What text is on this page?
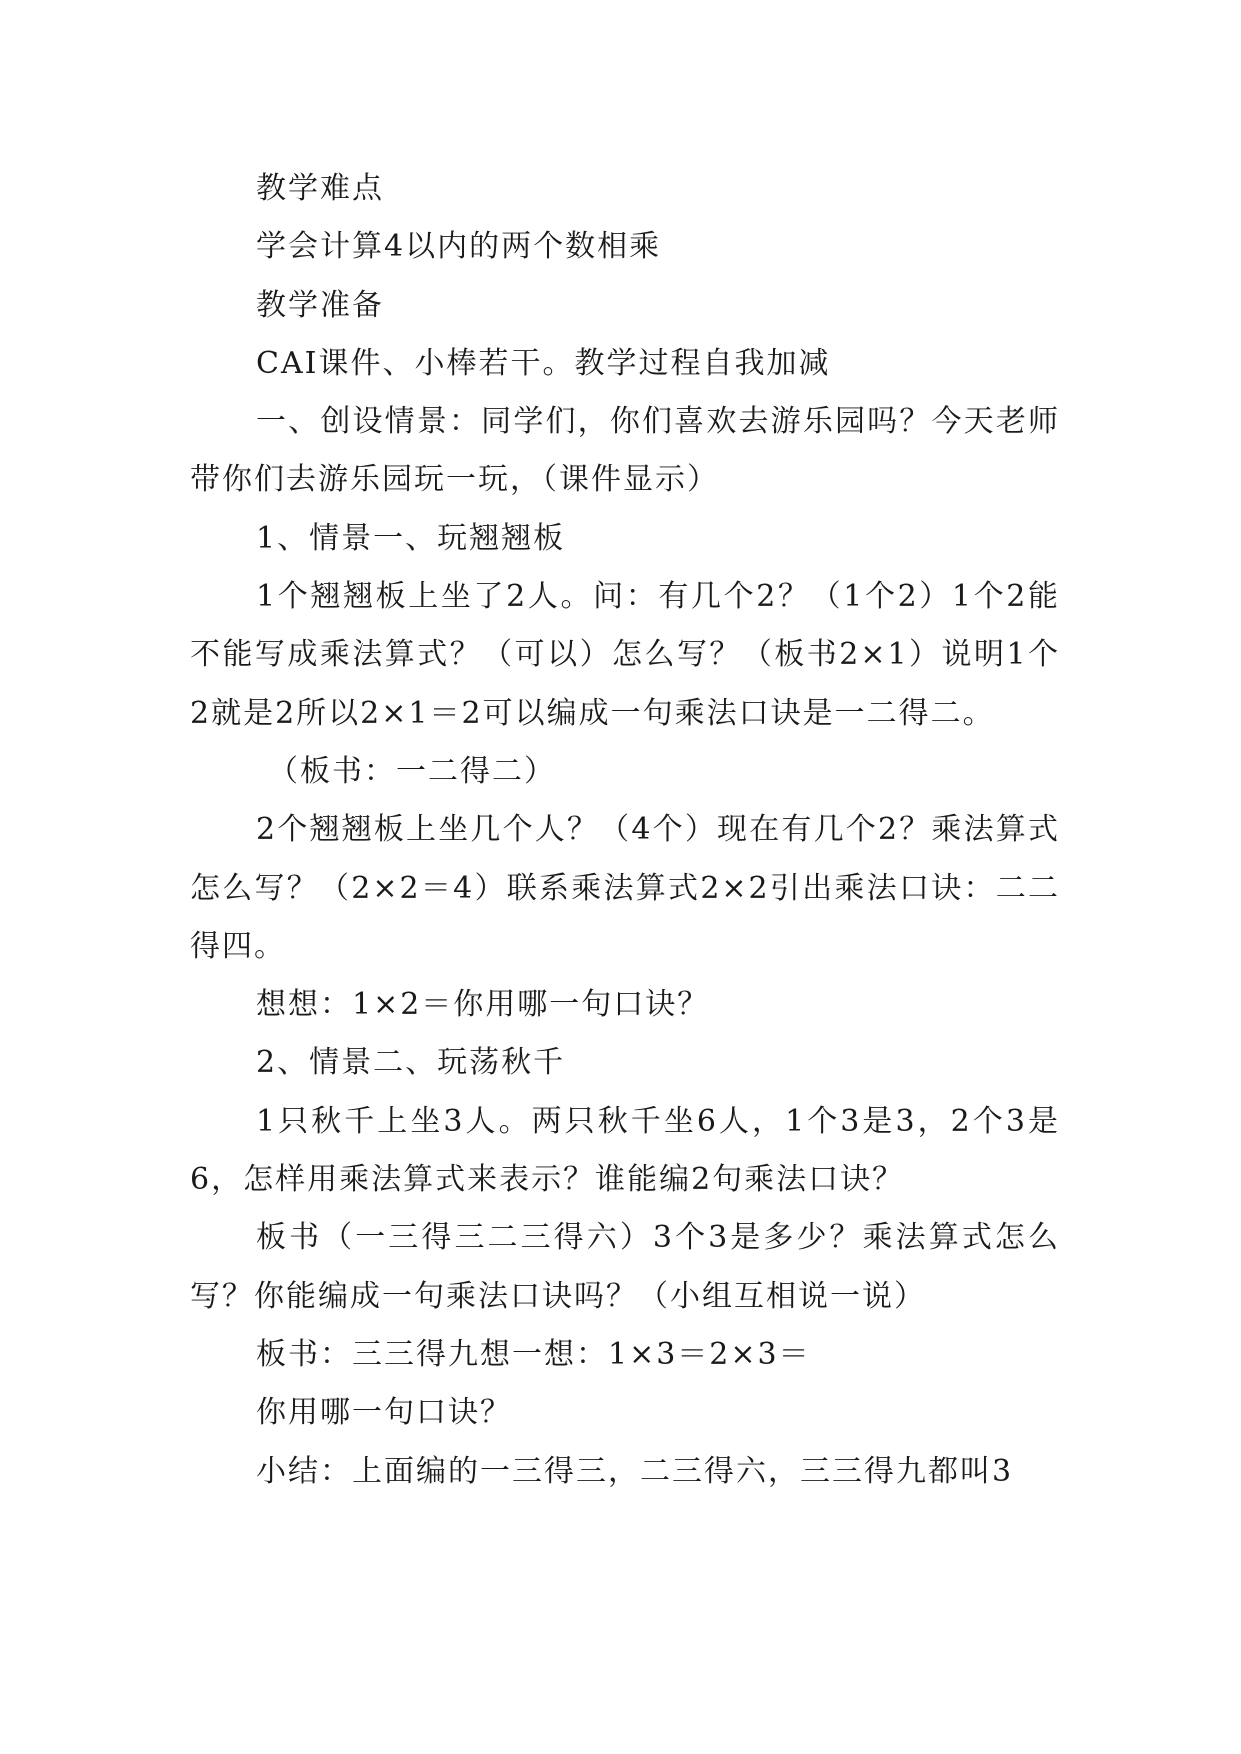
教学难点

学会计算4以内的两个数相乘

教学准备

CAI课件、小棒若干。教学过程自我加减

一、创设情景：同学们，你们喜欢去游乐园吗？今天老师带你们去游乐园玩一玩，（课件显示）

1、情景一、玩翘翘板

1个翘翘板上坐了2人。问：有几个2？（1个2）1个2能不能写成乘法算式？（可以）怎么写？（板书2×1）说明1个2就是2所以2×1＝2可以编成一句乘法口诀是一二得二。

（板书：一二得二）

2个翘翘板上坐几个人？（4个）现在有几个2？乘法算式怎么写？（2×2＝4）联系乘法算式2×2引出乘法口诀：二二得四。

想想：1×2＝你用哪一句口诀？

2、情景二、玩荡秋千

1只秋千上坐3人。两只秋千坐6人，1个3是3，2个3是6，怎样用乘法算式来表示？谁能编2句乘法口诀？

板书（一三得三二三得六）3个3是多少？乘法算式怎么写？你能编成一句乘法口诀吗？（小组互相说一说）

板书：三三得九想一想：1×3＝2×3＝

你用哪一句口诀？

小结：上面编的一三得三，二三得六，三三得九都叫3
